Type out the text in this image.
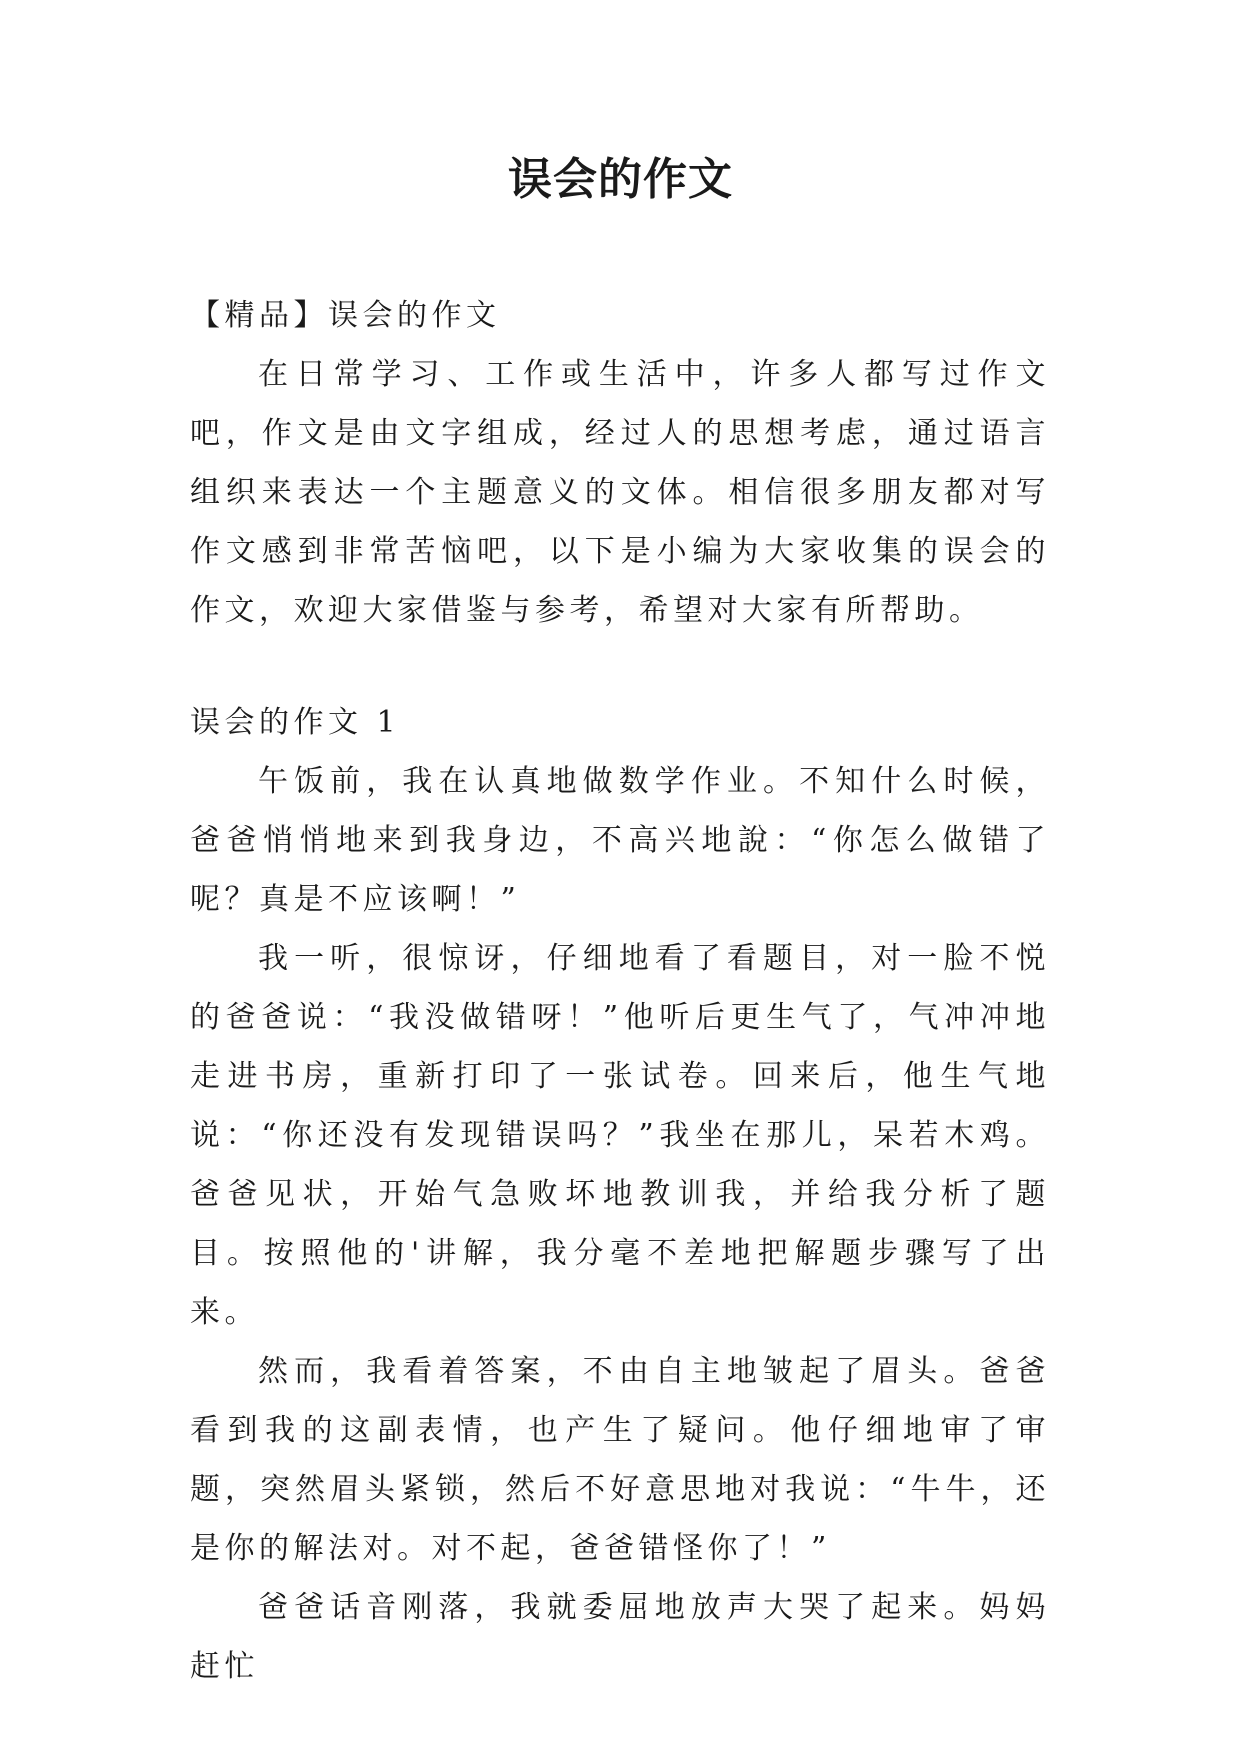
误会的作文

【精品】误会的作文

在日常学习、工作或生活中，许多人都写过作文吧，作文是由文字组成，经过人的思想考虑，通过语言组织来表达一个主题意义的文体。相信很多朋友都对写作文感到非常苦恼吧，以下是小编为大家收集的误会的作文，欢迎大家借鉴与参考，希望对大家有所帮助。

误会的作文 1

午饭前，我在认真地做数学作业。不知什么时候，爸爸悄悄地来到我身边，不高兴地說：“你怎么做错了呢？真是不应该啊！”

我一听，很惊讶，仔细地看了看题目，对一脸不悦的爸爸说：“我没做错呀！”他听后更生气了，气冲冲地走进书房，重新打印了一张试卷。回来后，他生气地说：“你还没有发现错误吗？”我坐在那儿，呆若木鸡。爸爸见状，开始气急败坏地教训我，并给我分析了题目。按照他的'讲解，我分毫不差地把解题步骤写了出来。

然而，我看着答案，不由自主地皱起了眉头。爸爸看到我的这副表情，也产生了疑问。他仔细地审了审题，突然眉头紧锁，然后不好意思地对我说：“牛牛，还是你的解法对。对不起，爸爸错怪你了！”

爸爸话音刚落，我就委屈地放声大哭了起来。妈妈赶忙
